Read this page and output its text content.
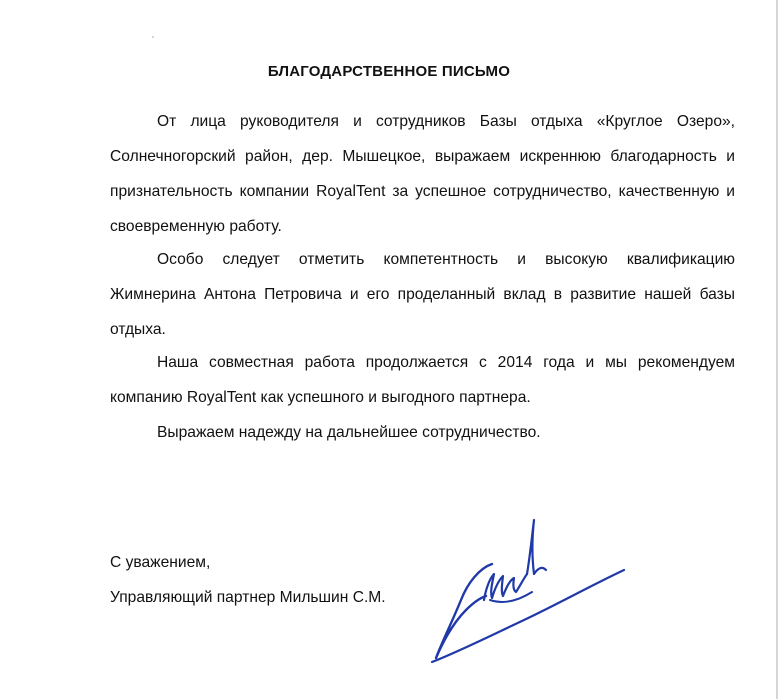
БЛАГОДАРСТВЕННОЕ ПИСЬМО

От лица руководителя и сотрудников Базы отдыха «Круглое Озеро», Солнечногорский район, дер. Мышецкое, выражаем искреннюю благодарность и признательность компании RoyalTent за успешное сотрудничество, качественную и своевременную работу.

Особо следует отметить компетентность и высокую квалификацию Жимнерина Антона Петровича и его проделанный вклад в развитие нашей базы отдыха.

Наша совместная работа продолжается с 2014 года и мы рекомендуем компанию RoyalTent как успешного и выгодного партнера.

Выражаем надежду на дальнейшее сотрудничество.

С уважением,
Управляющий партнер Мильшин С.М.
